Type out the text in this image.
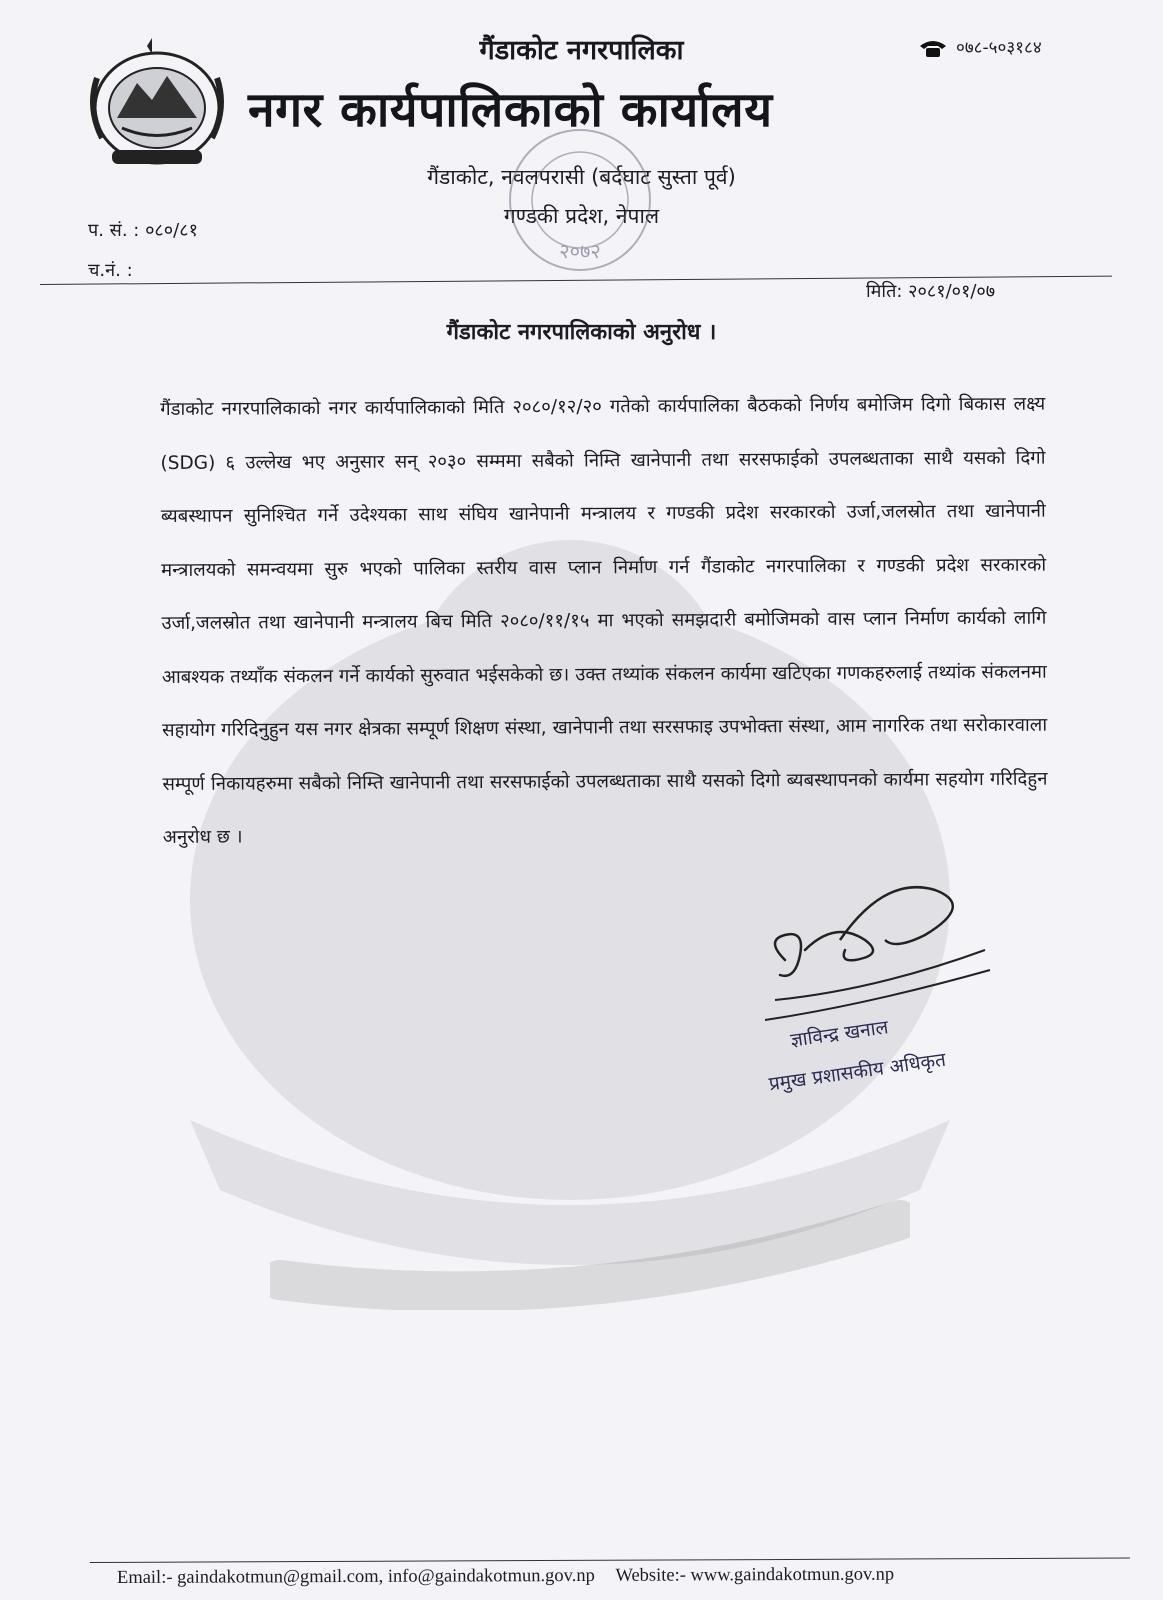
गैंडाकोट नगरपालिका
नगर कार्यपालिकाको कार्यालय
गैंडाकोट, नवलपरासी (बर्दघाट सुस्ता पूर्व)
गण्डकी प्रदेश, नेपाल
०७८-५०३१८४
२०७२
प. सं. : ०८०/८१
च.नं. :
मिति: २०८१/०१/०७
गैंडाकोट नगरपालिकाको अनुरोध ।
गैंडाकोट नगरपालिकाको नगर कार्यपालिकाको मिति २०८०/१२/२० गतेको कार्यपालिका बैठकको निर्णय बमोजिम दिगो बिकास लक्ष्य (SDG) ६ उल्लेख भए अनुसार सन् २०३० सम्ममा सबैको निम्ति खानेपानी तथा सरसफाईको उपलब्धताका साथै यसको दिगो ब्यबस्थापन सुनिश्चित गर्ने उदेश्यका साथ संघिय खानेपानी मन्त्रालय र गण्डकी प्रदेश सरकारको उर्जा,जलस्रोत तथा खानेपानी मन्त्रालयको समन्वयमा सुरु भएको पालिका स्तरीय वास प्लान निर्माण गर्न गैंडाकोट नगरपालिका र गण्डकी प्रदेश सरकारको उर्जा,जलस्रोत तथा खानेपानी मन्त्रालय बिच मिति २०८०/११/१५ मा भएको समझदारी बमोजिमको वास प्लान निर्माण कार्यको लागि आबश्यक तथ्याँक संकलन गर्ने कार्यको सुरुवात भईसकेको छ। उक्त तथ्यांक संकलन कार्यमा खटिएका गणकहरुलाई तथ्यांक संकलनमा सहायोग गरिदिनुहुन यस नगर क्षेत्रका सम्पूर्ण शिक्षण संस्था, खानेपानी तथा सरसफाइ उपभोक्ता संस्था, आम नागरिक तथा सरोकारवाला सम्पूर्ण निकायहरुमा सबैको निम्ति खानेपानी तथा सरसफाईको उपलब्धताका साथै यसको दिगो ब्यबस्थापनको कार्यमा सहयोग गरिदिहुन अनुरोध छ ।
ज्ञाविन्द्र खनाल
प्रमुख प्रशासकीय अधिकृत
Email:- gaindakotmun@gmail.com, info@gaindakotmun.gov.np Website:- www.gaindakotmun.gov.np
